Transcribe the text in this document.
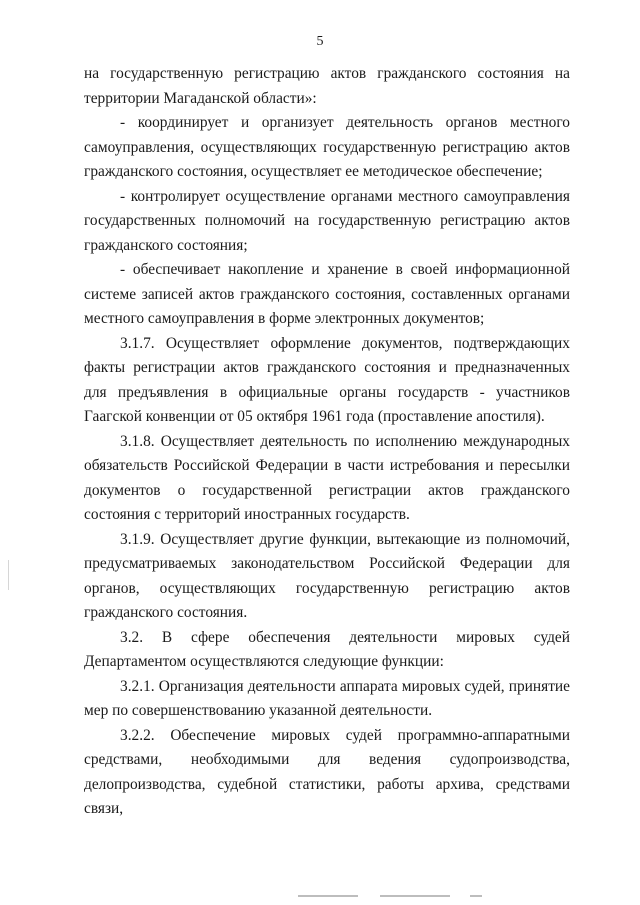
5

на государственную регистрацию актов гражданского состояния на территории Магаданской области»:

- координирует и организует деятельность органов местного самоуправления, осуществляющих государственную регистрацию актов гражданского состояния, осуществляет ее методическое обеспечение;

- контролирует осуществление органами местного самоуправления государственных полномочий на государственную регистрацию актов гражданского состояния;

- обеспечивает накопление и хранение в своей информационной системе записей актов гражданского состояния, составленных органами местного самоуправления в форме электронных документов;

3.1.7. Осуществляет оформление документов, подтверждающих факты регистрации актов гражданского состояния и предназначенных для предъявления в официальные органы государств - участников Гаагской конвенции от 05 октября 1961 года (проставление апостиля).

3.1.8. Осуществляет деятельность по исполнению международных обязательств Российской Федерации в части истребования и пересылки документов о государственной регистрации актов гражданского состояния с территорий иностранных государств.

3.1.9. Осуществляет другие функции, вытекающие из полномочий, предусматриваемых законодательством Российской Федерации для органов, осуществляющих государственную регистрацию актов гражданского состояния.

3.2. В сфере обеспечения деятельности мировых судей Департаментом осуществляются следующие функции:

3.2.1. Организация деятельности аппарата мировых судей, принятие мер по совершенствованию указанной деятельности.

3.2.2. Обеспечение мировых судей программно-аппаратными средствами, необходимыми для ведения судопроизводства, делопроизводства, судебной статистики, работы архива, средствами связи,
